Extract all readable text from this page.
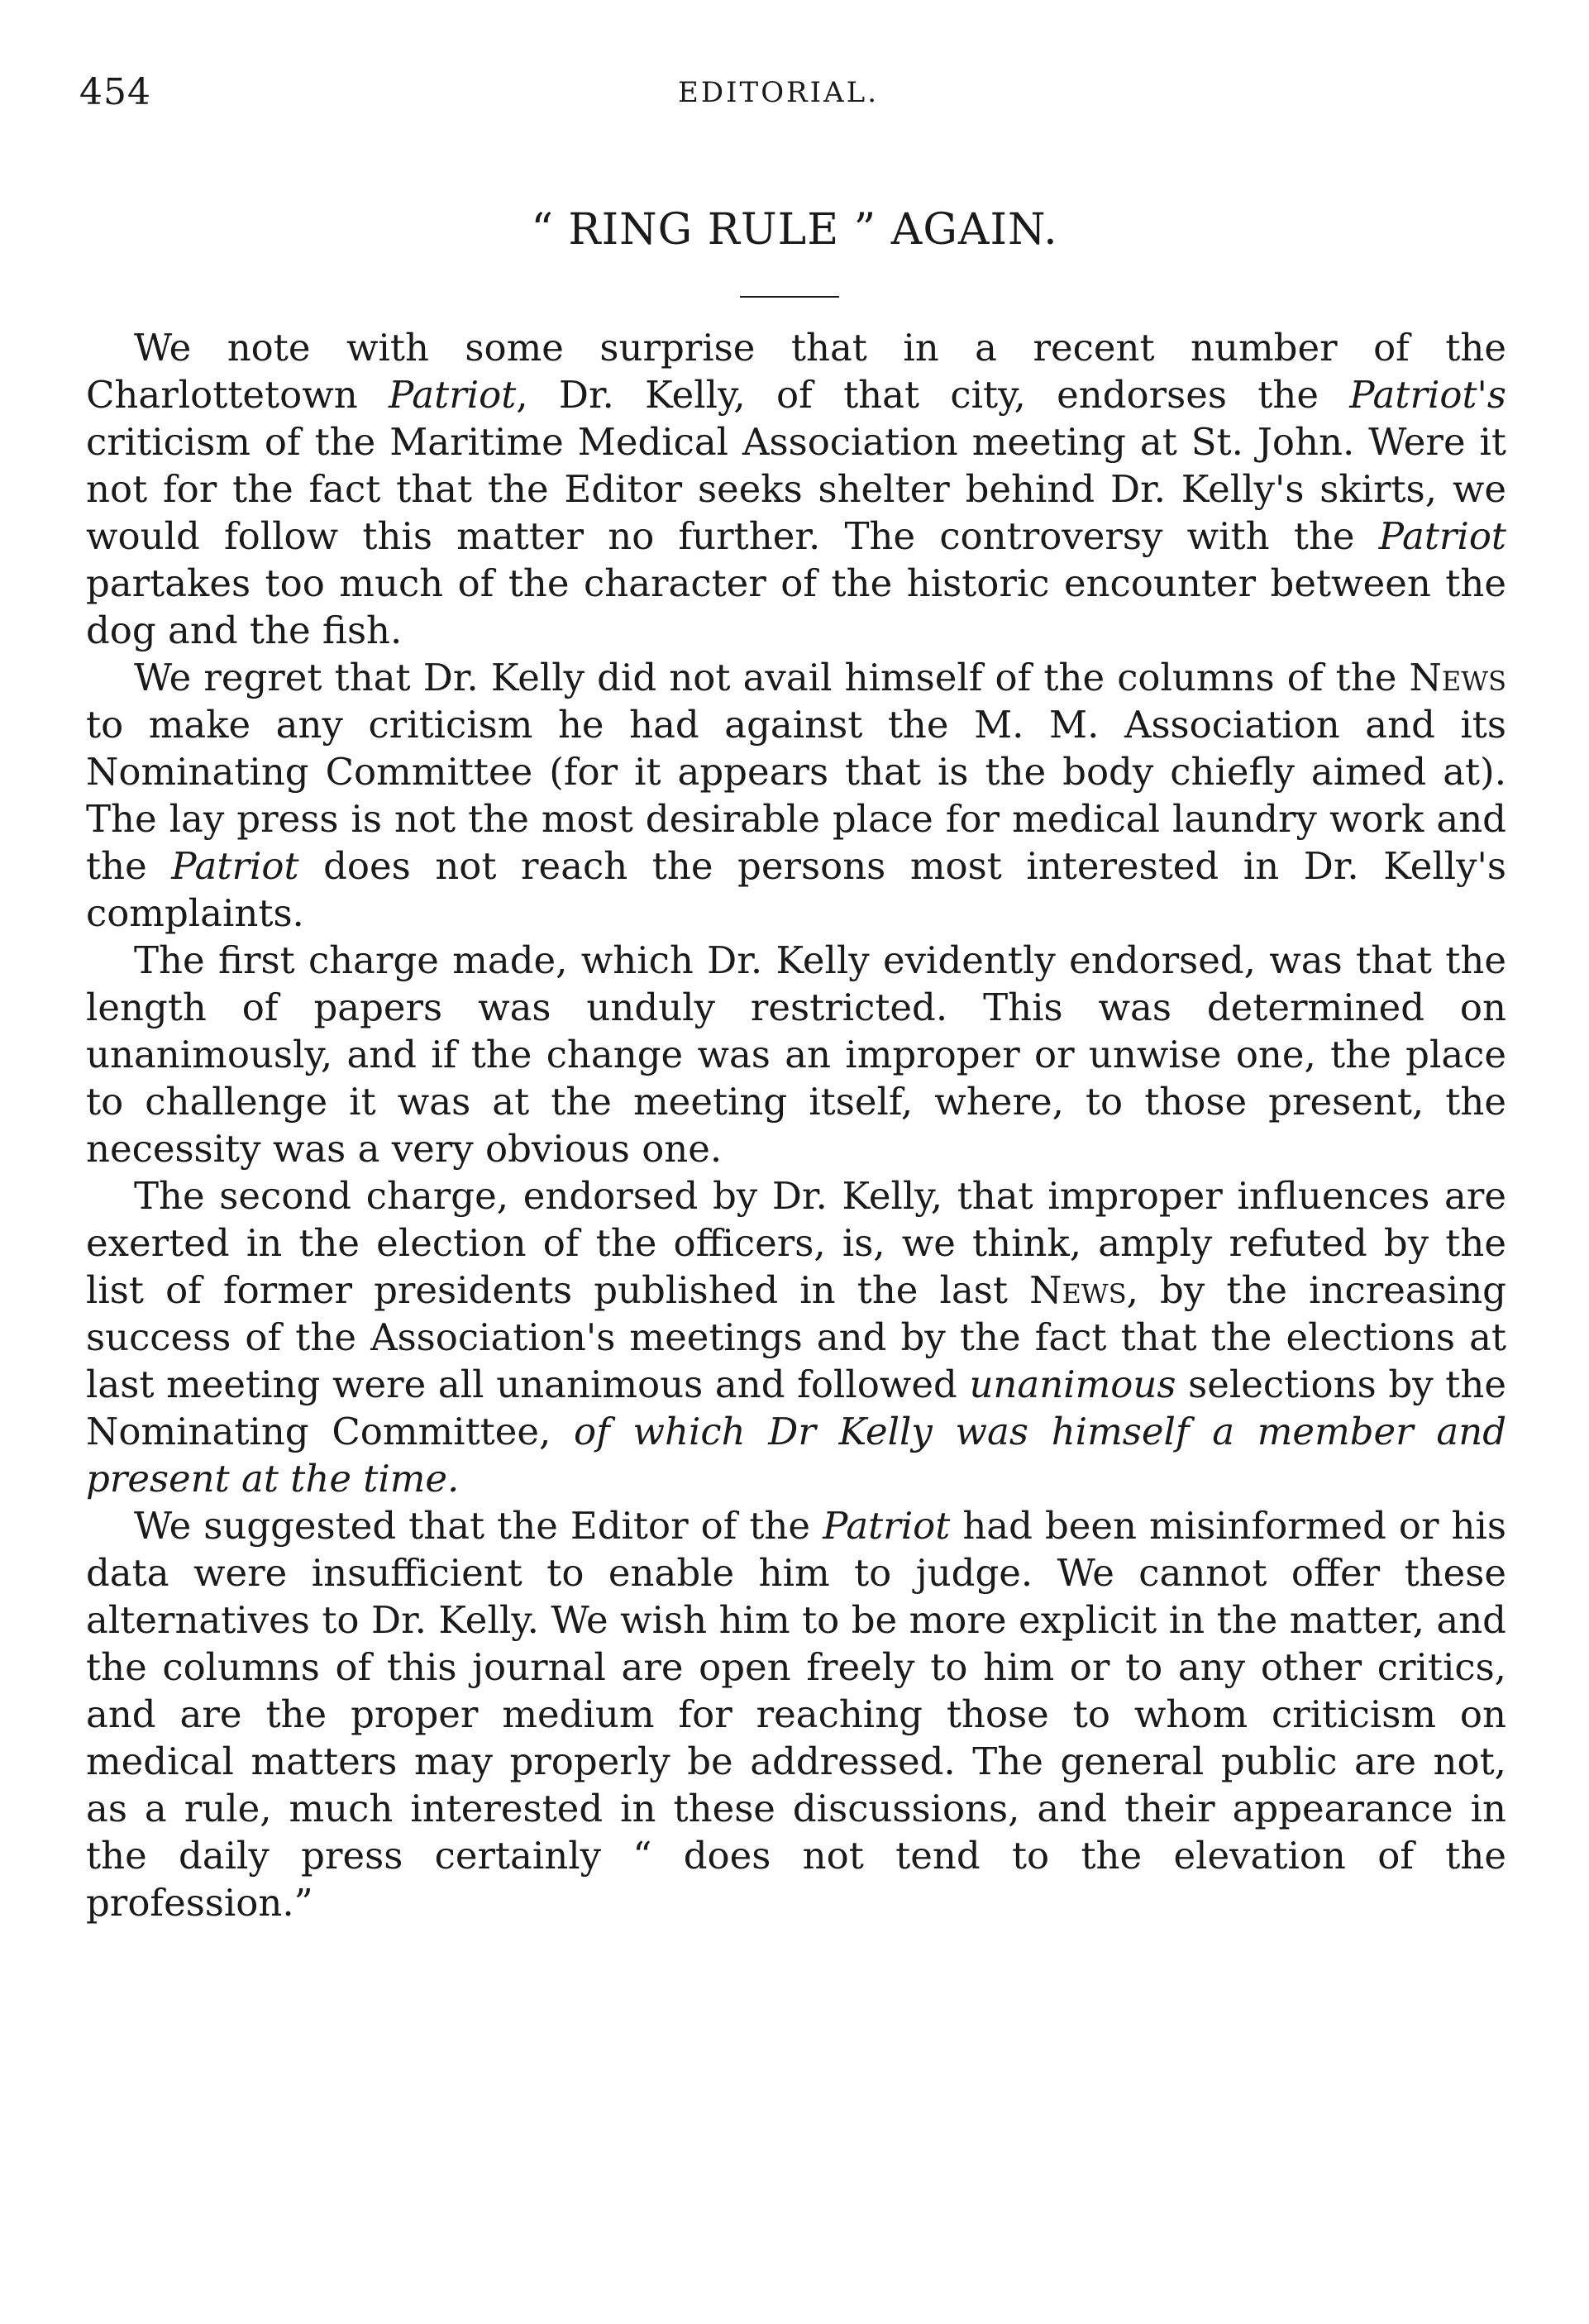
454	EDITORIAL.
“ RING RULE ” AGAIN.

We note with some surprise that in a recent number of the Charlottetown Patriot, Dr. Kelly, of that city, endorses the Patriot's criticism of the Maritime Medical Association meeting at St. John. Were it not for the fact that the Editor seeks shelter behind Dr. Kelly's skirts, we would follow this matter no further. The controversy with the Patriot partakes too much of the character of the historic encounter between the dog and the fish.

We regret that Dr. Kelly did not avail himself of the columns of the News to make any criticism he had against the M. M. Association and its Nominating Committee (for it appears that is the body chiefly aimed at). The lay press is not the most desirable place for medical laundry work and the Patriot does not reach the persons most interested in Dr. Kelly's complaints.

The first charge made, which Dr. Kelly evidently endorsed, was that the length of papers was unduly restricted. This was determined on unanimously, and if the change was an improper or unwise one, the place to challenge it was at the meeting itself, where, to those present, the necessity was a very obvious one.

The second charge, endorsed by Dr. Kelly, that improper influences are exerted in the election of the officers, is, we think, amply refuted by the list of former presidents published in the last News, by the increasing success of the Association's meetings and by the fact that the elections at last meeting were all unanimous and followed unanimous selections by the Nominating Committee, of which Dr Kelly was himself a member and present at the time.

We suggested that the Editor of the Patriot had been misinformed or his data were insufficient to enable him to judge. We cannot offer these alternatives to Dr. Kelly. We wish him to be more explicit in the matter, and the columns of this journal are open freely to him or to any other critics, and are the proper medium for reaching those to whom criticism on medical matters may properly be addressed. The general public are not, as a rule, much interested in these discussions, and their appearance in the daily press certainly “ does not tend to the elevation of the profession.”
